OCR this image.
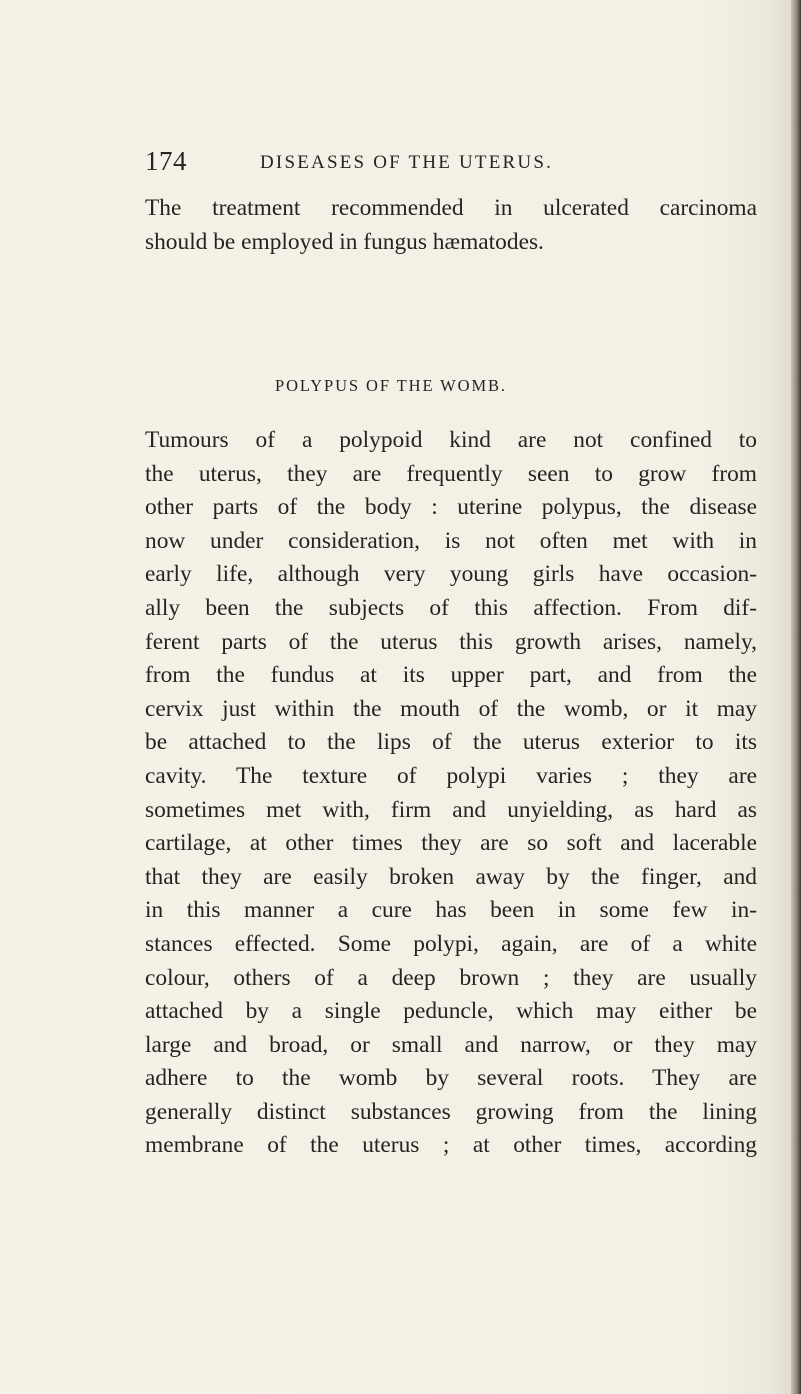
174	DISEASES OF THE UTERUS.
The treatment recommended in ulcerated carcinoma
should be employed in fungus hæmatodes.
POLYPUS OF THE WOMB.
Tumours of a polypoid kind are not confined to
the uterus, they are frequently seen to grow from
other parts of the body : uterine polypus, the disease
now under consideration, is not often met with in
early life, although very young girls have occasion-
ally been the subjects of this affection. From dif-
ferent parts of the uterus this growth arises, namely,
from the fundus at its upper part, and from the
cervix just within the mouth of the womb, or it may
be attached to the lips of the uterus exterior to its
cavity. The texture of polypi varies ; they are
sometimes met with, firm and unyielding, as hard as
cartilage, at other times they are so soft and lacerable
that they are easily broken away by the finger, and
in this manner a cure has been in some few in-
stances effected. Some polypi, again, are of a white
colour, others of a deep brown ; they are usually
attached by a single peduncle, which may either be
large and broad, or small and narrow, or they may
adhere to the womb by several roots. They are
generally distinct substances growing from the lining
membrane of the uterus ; at other times, according
